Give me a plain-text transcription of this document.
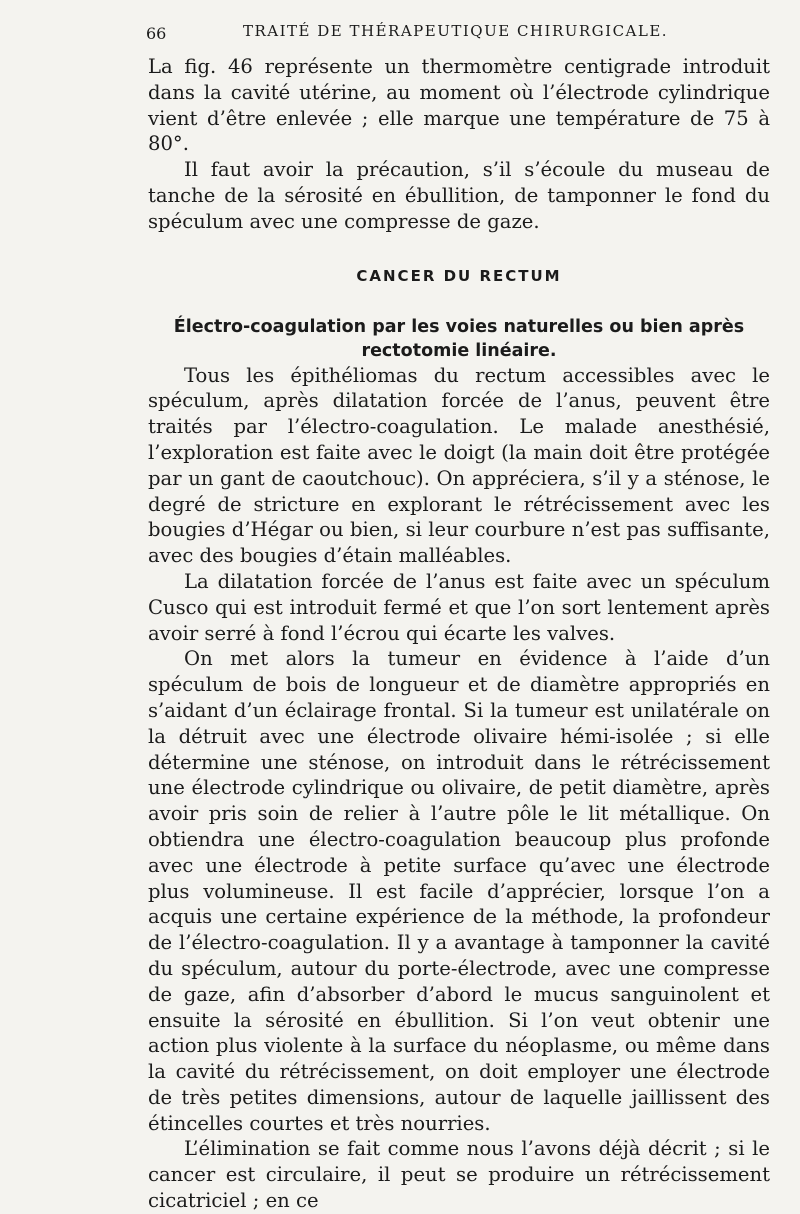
66	TRAITÉ DE THÉRAPEUTIQUE CHIRURGICALE.

La fig. 46 représente un thermomètre centigrade introduit dans la cavité utérine, au moment où l’électrode cylindrique vient d’être enlevée ; elle marque une température de 75 à 80°.

Il faut avoir la précaution, s’il s’écoule du museau de tanche de la sérosité en ébullition, de tamponner le fond du spéculum avec une compresse de gaze.

CANCER DU RECTUM
Électro-coagulation par les voies naturelles ou bien après rectotomie linéaire.

Tous les épithéliomas du rectum accessibles avec le spéculum, après dilatation forcée de l’anus, peuvent être traités par l’électro-coagulation. Le malade anesthésié, l’exploration est faite avec le doigt (la main doit être protégée par un gant de caoutchouc). On appréciera, s’il y a sténose, le degré de stricture en explorant le rétrécissement avec les bougies d’Hégar ou bien, si leur courbure n’est pas suffisante, avec des bougies d’étain malléables.

La dilatation forcée de l’anus est faite avec un spéculum Cusco qui est introduit fermé et que l’on sort lentement après avoir serré à fond l’écrou qui écarte les valves.

On met alors la tumeur en évidence à l’aide d’un spéculum de bois de longueur et de diamètre appropriés en s’aidant d’un éclairage frontal. Si la tumeur est unilatérale on la détruit avec une électrode olivaire hémi-isolée ; si elle détermine une sténose, on introduit dans le rétrécissement une électrode cylindrique ou olivaire, de petit diamètre, après avoir pris soin de relier à l’autre pôle le lit métallique. On obtiendra une électro-coagulation beaucoup plus profonde avec une électrode à petite surface qu’avec une électrode plus volumineuse. Il est facile d’apprécier, lorsque l’on a acquis une certaine expérience de la méthode, la profondeur de l’électro-coagulation. Il y a avantage à tamponner la cavité du spéculum, autour du porte-électrode, avec une compresse de gaze, afin d’absorber d’abord le mucus sanguinolent et ensuite la sérosité en ébullition. Si l’on veut obtenir une action plus violente à la surface du néoplasme, ou même dans la cavité du rétrécissement, on doit employer une électrode de très petites dimensions, autour de laquelle jaillissent des étincelles courtes et très nourries.

L’élimination se fait comme nous l’avons déjà décrit ; si le cancer est circulaire, il peut se produire un rétrécissement cicatriciel ; en ce
